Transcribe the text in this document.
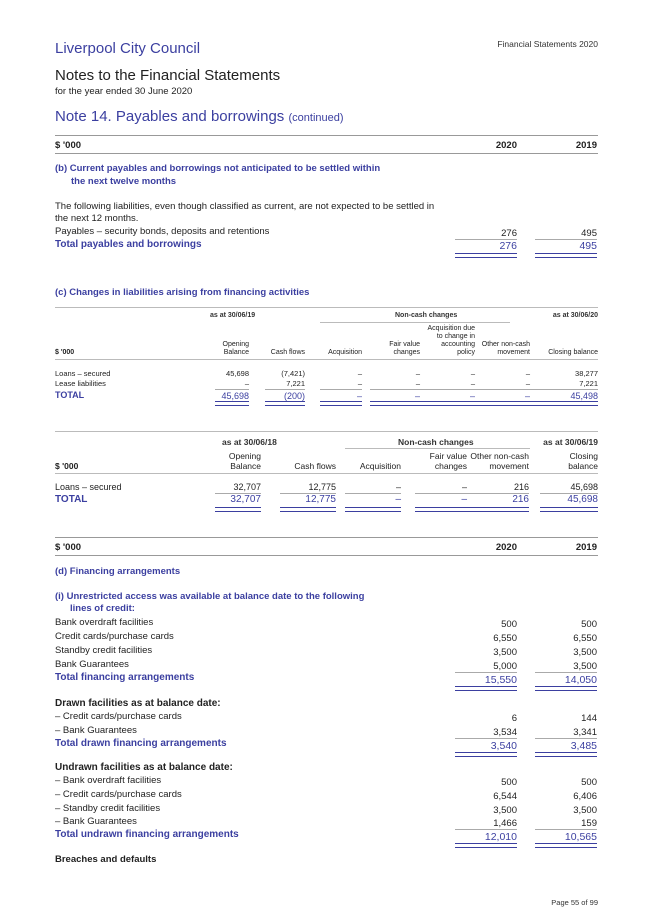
Liverpool City Council	Financial Statements 2020
Notes to the Financial Statements
for the year ended 30 June 2020
Note 14. Payables and borrowings (continued)
$ '000	2020	2019
(b) Current payables and borrowings not anticipated to be settled within
the next twelve months
The following liabilities, even though classified as current, are not expected to be settled in
the next 12 months.
Payables – security bonds, deposits and retentions	276	495
Total payables and borrowings	276	495
(c) Changes in liabilities arising from financing activities
as at 30/06/19	Non-cash changes	as at 30/06/20
Opening
Balance	Cash flows	Acquisition
Fair value
changes
Acquisition due
to change in
accounting
policy
Other non-cash
movement	Closing balance
$ '000
Loans – secured	45,698	(7,421)	–	–	–	–	38,277
Lease liabilities	–	7,221	–	–	–	–	7,221
TOTAL	45,698	(200)	–	–	–	–	45,498
as at 30/06/18	Non-cash changes	as at 30/06/19
Opening
Balance	Cash flows	Acquisition
Fair value
changes
Other non-cash
movement
Closing
balance
$ '000
Loans – secured	32,707	12,775	–	–	216	45,698
TOTAL	32,707	12,775	–	–	216	45,698
$ '000	2020	2019
(d) Financing arrangements
(i) Unrestricted access was available at balance date to the following
lines of credit:
Bank overdraft facilities	500	500
Credit cards/purchase cards	6,550	6,550
Standby credit facilities	3,500	3,500
Bank Guarantees	5,000	3,500
Total financing arrangements	15,550	14,050
Drawn facilities as at balance date:
– Credit cards/purchase cards	6	144
– Bank Guarantees	3,534	3,341
Total drawn financing arrangements	3,540	3,485
Undrawn facilities as at balance date:
– Bank overdraft facilities	500	500
– Credit cards/purchase cards	6,544	6,406
– Standby credit facilities	3,500	3,500
– Bank Guarantees	1,466	159
Total undrawn financing arrangements	12,010	10,565
Breaches and defaults
Page 55 of 99
